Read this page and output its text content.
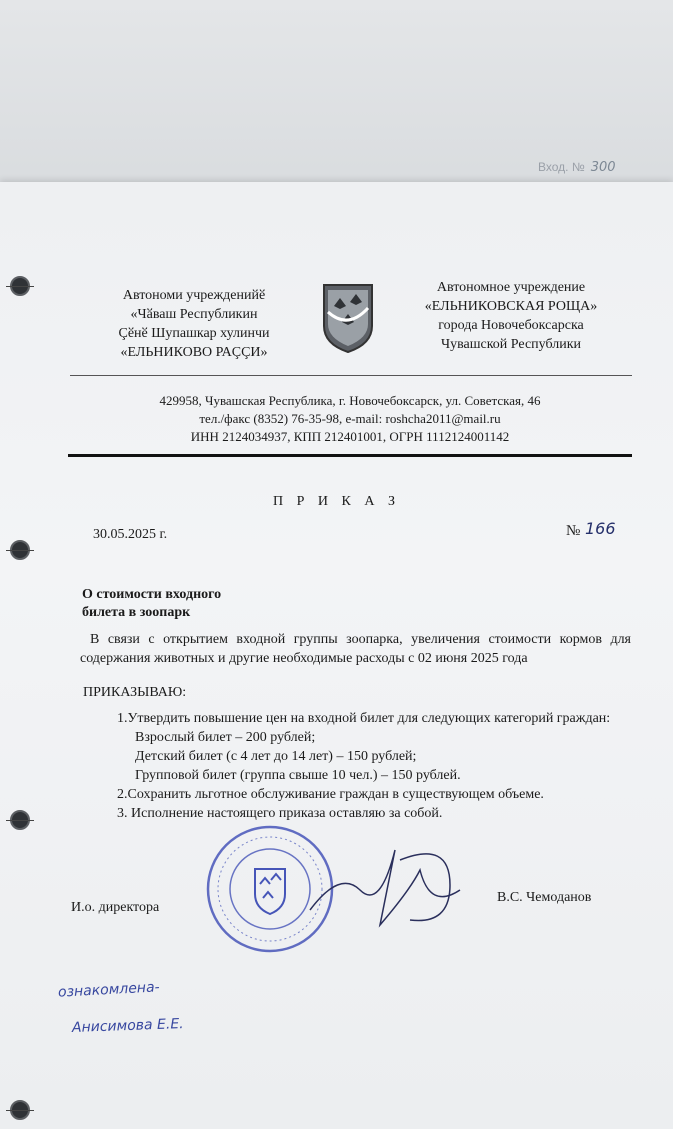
Вход. № 300
Автономи учрежденийӗ
«Чӑваш Республикин
Çӗнӗ Шупашкар хулинчи
«ЕЛЬНИКОВО РАÇÇИ»
Автономное учреждение
«ЕЛЬНИКОВСКАЯ РОЩА»
города Новочебоксарска
Чувашской Республики
429958, Чувашская Республика, г. Новочебоксарск, ул. Советская, 46
тел./факс (8352) 76-35-98, e-mail: roshcha2011@mail.ru
ИНН 2124034937, КПП 212401001, ОГРН 1112124001142
П Р И К А З
30.05.2025 г.	№ 166
О стоимости входного
билета в зоопарк
В связи с открытием входной группы зоопарка, увеличения стоимости кормов для содержания животных и другие необходимые расходы с 02 июня 2025 года
ПРИКАЗЫВАЮ:
1.Утвердить повышение цен на входной билет для следующих категорий граждан:
Взрослый билет – 200 рублей;
Детский билет (с 4 лет до 14 лет) – 150 рублей;
Групповой билет (группа свыше 10 чел.) – 150 рублей.
2.Сохранить льготное обслуживание граждан в существующем объеме.
3. Исполнение настоящего приказа оставляю за собой.
И.о. директора
В.С. Чемоданов
ознакомлена-
Анисимова Е.Е.
